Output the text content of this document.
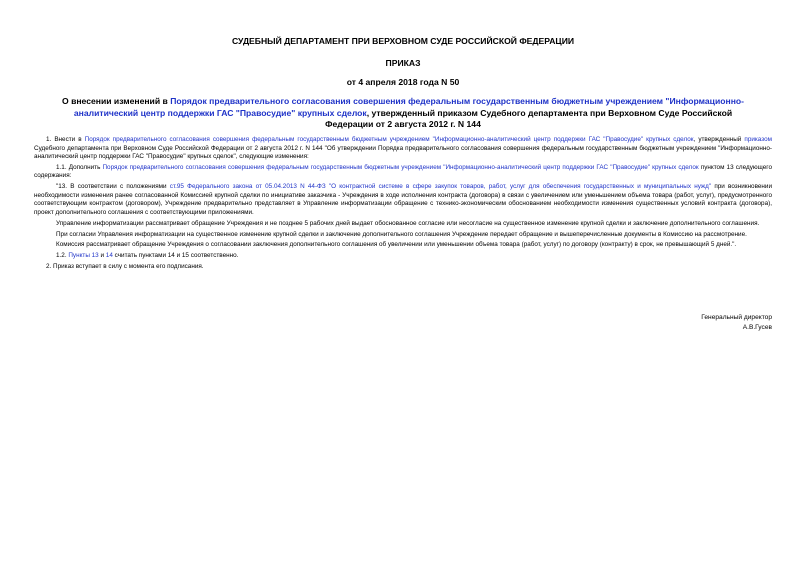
СУДЕБНЫЙ ДЕПАРТАМЕНТ ПРИ ВЕРХОВНОМ СУДЕ РОССИЙСКОЙ ФЕДЕРАЦИИ
ПРИКАЗ
от 4 апреля 2018 года N 50
О внесении изменений в Порядок предварительного согласования совершения федеральным государственным бюджетным учреждением "Информационно-аналитический центр поддержки ГАС "Правосудие" крупных сделок, утвержденный приказом Судебного департамента при Верховном Суде Российской Федерации от 2 августа 2012 г. N 144

1. Внести в Порядок предварительного согласования совершения федеральным государственным бюджетным учреждением "Информационно-аналитический центр поддержки ГАС "Правосудие" крупных сделок, утвержденный приказом Судебного департамента при Верховном Суде Российской Федерации от 2 августа 2012 г. N 144 "Об утверждении Порядка предварительного согласования совершения федеральным государственным бюджетным учреждением "Информационно-аналитический центр поддержки ГАС "Правосудие" крупных сделок", следующие изменения:

1.1. Дополнить Порядок предварительного согласования совершения федеральным государственным бюджетным учреждением "Информационно-аналитический центр поддержки ГАС "Правосудие" крупных сделок пунктом 13 следующего содержания:

"13. В соответствии с положениями ст.95 Федерального закона от 05.04.2013 N 44-ФЗ "О контрактной системе в сфере закупок товаров, работ, услуг для обеспечения государственных и муниципальных нужд" при возникновении необходимости изменения ранее согласованной Комиссией крупной сделки по инициативе заказчика - Учреждения в ходе исполнения контракта (договора) в связи с увеличением или уменьшением объема товара (работ, услуг), предусмотренного соответствующим контрактом (договором), Учреждение предварительно представляет в Управление информатизации обращение с технико-экономическим обоснованием необходимости изменения существенных условий контракта (договора), проект дополнительного соглашения с соответствующими приложениями.

Управление информатизации рассматривает обращение Учреждения и не позднее 5 рабочих дней выдает обоснованное согласие или несогласие на существенное изменение крупной сделки и заключение дополнительного соглашения.

При согласии Управления информатизации на существенное изменение крупной сделки и заключение дополнительного соглашения Учреждение передает обращение и вышеперечисленные документы в Комиссию на рассмотрение.

Комиссия рассматривает обращение Учреждения о согласовании заключения дополнительного соглашения об увеличении или уменьшении объема товара (работ, услуг) по договору (контракту) в срок, не превышающий 5 дней.".

1.2. Пункты 13 и 14 считать пунктами 14 и 15 соответственно.

2. Приказ вступает в силу с момента его подписания.

Генеральный директор
А.В.Гусев
